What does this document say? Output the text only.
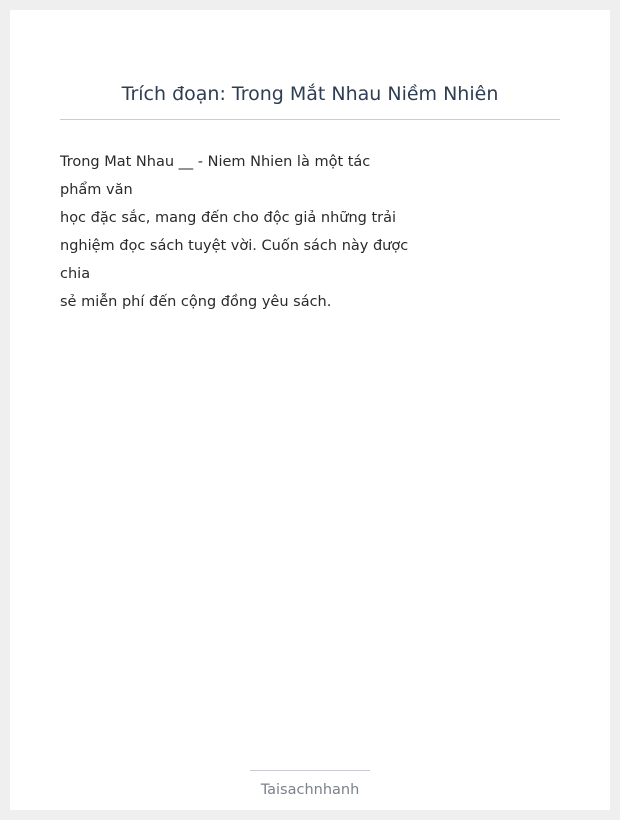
Trích đoạn: Trong Mắt Nhau Niềm Nhiên
Trong Mat Nhau __ - Niem Nhien là một tác
phẩm văn
học đặc sắc, mang đến cho độc giả những trải
nghiệm đọc sách tuyệt vời. Cuốn sách này được
chia
sẻ miễn phí đến cộng đồng yêu sách.
Taisachnhanh
